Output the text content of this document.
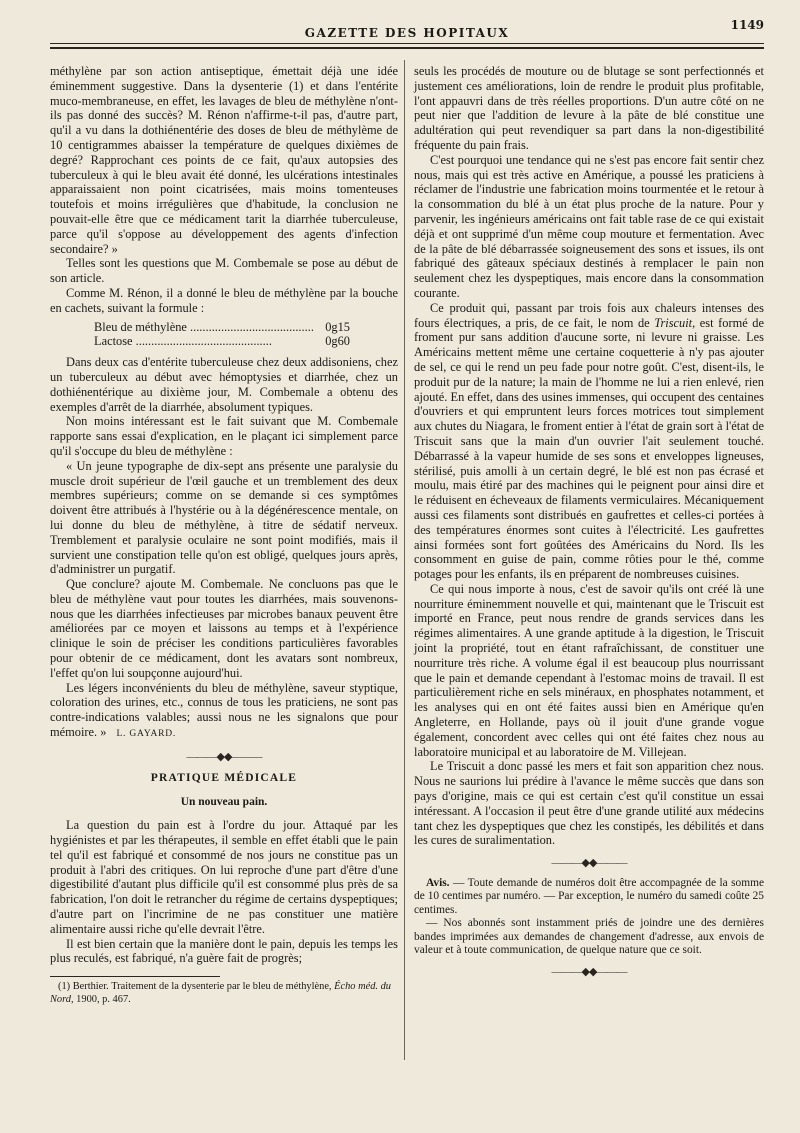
GAZETTE DES HOPITAUX
1149

méthylène par son action antiseptique, émettait déjà une idée éminemment suggestive. Dans la dysenterie (1) et dans l'entérite muco-membraneuse, en effet, les lavages de bleu de méthylène n'ont-ils pas donné des succès? M. Rénon n'affirme-t-il pas, d'autre part, qu'il a vu dans la dothiénentérie des doses de bleu de méthylème de 10 centigrammes abaisser la température de quelques dixièmes de degré? Rapprochant ces points de ce fait, qu'aux autopsies des tuberculeux à qui le bleu avait été donné, les ulcérations intestinales apparaissaient non point cicatrisées, mais moins tomenteuses toutefois et moins irrégulières que d'habitude, la conclusion ne pouvait-elle être que ce médicament tarit la diarrhée tuberculeuse, parce qu'il s'oppose au développement des agents d'infection secondaire? »

Telles sont les questions que M. Combemale se pose au début de son article.

Comme M. Rénon, il a donné le bleu de méthylène par la bouche en cachets, suivant la formule :

Bleu de méthylène .....	0g15
Lactose .....	0g60

Dans deux cas d'entérite tuberculeuse chez deux addisoniens, chez un tuberculeux au début avec hémoptysies et diarrhée, chez un dothiénentérique au dixième jour, M. Combemale a obtenu des exemples d'arrêt de la diarrhée, absolument typiques.

Non moins intéressant est le fait suivant que M. Combemale rapporte sans essai d'explication, en le plaçant ici simplement parce qu'il s'occupe du bleu de méthylène :

« Un jeune typographe de dix-sept ans présente une paralysie du muscle droit supérieur de l'œil gauche et un tremblement des deux membres supérieurs; comme on se demande si ces symptômes doivent être attribués à l'hystérie ou à la dégénérescence mentale, on lui donne du bleu de méthylène, à titre de sédatif nerveux. Tremblement et paralysie oculaire ne sont point modifiés, mais il survient une constipation telle qu'on est obligé, quelques jours après, d'administrer un purgatif.

Que conclure? ajoute M. Combemale. Ne concluons pas que le bleu de méthylène vaut pour toutes les diarrhées, mais souvenons-nous que les diarrhées infectieuses par microbes banaux peuvent être améliorées par ce moyen et laissons au temps et à l'expérience clinique le soin de préciser les conditions particulières favorables pour obtenir de ce médicament, dont les avatars sont nombreux, l'effet qu'on lui soupçonne aujourd'hui.

Les légers inconvénients du bleu de méthylène, saveur styptique, coloration des urines, etc., connus de tous les praticiens, ne sont pas contre-indications valables; aussi nous ne les signalons que pour mémoire. » L. GAYARD.

———◆◆———
PRATIQUE MÉDICALE
Un nouveau pain.

La question du pain est à l'ordre du jour. Attaqué par les hygiénistes et par les thérapeutes, il semble en effet établi que le pain tel qu'il est fabriqué et consommé de nos jours ne constitue pas un produit à l'abri des critiques. On lui reproche d'une part d'être d'une digestibilité d'autant plus difficile qu'il est consommé plus près de sa fabrication, l'on doit le retrancher du régime de certains dyspeptiques; d'autre part on l'incrimine de ne pas constituer une matière alimentaire aussi riche qu'elle devrait l'être.

Il est bien certain que la manière dont le pain, depuis les temps les plus reculés, est fabriqué, n'a guère fait de progrès;

(1) Berthier. Traitement de la dysenterie par le bleu de méthylène, Écho méd. du Nord, 1900, p. 467.

seuls les procédés de mouture ou de blutage se sont perfectionnés et justement ces améliorations, loin de rendre le produit plus profitable, l'ont appauvri dans de très réelles proportions. D'un autre côté on ne peut nier que l'addition de levure à la pâte de blé constitue une adultération qui peut revendiquer sa part dans la non-digestibilité fréquente du pain frais.

C'est pourquoi une tendance qui ne s'est pas encore fait sentir chez nous, mais qui est très active en Amérique, a poussé les praticiens à réclamer de l'industrie une fabrication moins tourmentée et le retour à la consommation du blé à un état plus proche de la nature. Pour y parvenir, les ingénieurs américains ont fait table rase de ce qui existait déjà et ont supprimé d'un même coup mouture et fermentation. Avec de la pâte de blé débarrassée soigneusement des sons et issues, ils ont fabriqué des gâteaux spéciaux destinés à remplacer le pain non seulement chez les dyspeptiques, mais encore dans la consommation courante.

Ce produit qui, passant par trois fois aux chaleurs intenses des fours électriques, a pris, de ce fait, le nom de Triscuit, est formé de froment pur sans addition d'aucune sorte, ni levure ni graisse. Les Américains mettent même une certaine coquetterie à n'y pas ajouter de sel, ce qui le rend un peu fade pour notre goût. C'est, disent-ils, le produit pur de la nature; la main de l'homme ne lui a rien enlevé, rien ajouté. En effet, dans des usines immenses, qui occupent des centaines d'ouvriers et qui empruntent leurs forces motrices tout simplement aux chutes du Niagara, le froment entier à l'état de grain sort à l'état de Triscuit sans que la main d'un ouvrier l'ait seulement touché. Débarrassé à la vapeur humide de ses sons et enveloppes ligneuses, stérilisé, puis amolli à un certain degré, le blé est non pas écrasé et moulu, mais étiré par des machines qui le peignent pour ainsi dire et le réduisent en écheveaux de filaments vermiculaires. Mécaniquement aussi ces filaments sont distribués en gaufrettes et celles-ci portées à des températures énormes sont cuites à l'électricité. Les gaufrettes ainsi formées sont fort goûtées des Américains du Nord. Ils les consomment en guise de pain, comme rôties pour le thé, comme potages pour les enfants, ils en préparent de nombreuses cuisines.

Ce qui nous importe à nous, c'est de savoir qu'ils ont créé là une nourriture éminemment nouvelle et qui, maintenant que le Triscuit est importé en France, peut nous rendre de grands services dans les régimes alimentaires. A une grande aptitude à la digestion, le Triscuit joint la propriété, tout en étant rafraîchissant, de constituer une nourriture très riche. A volume égal il est beaucoup plus nourrissant que le pain et demande cependant à l'estomac moins de travail. Il est particulièrement riche en sels minéraux, en phosphates notamment, et les analyses qui en ont été faites aussi bien en Amérique qu'en Angleterre, en Hollande, pays où il jouit d'une grande vogue également, concordent avec celles qui ont été faites chez nous au laboratoire municipal et au laboratoire de M. Villejean.

Le Triscuit a donc passé les mers et fait son apparition chez nous. Nous ne saurions lui prédire à l'avance le même succès que dans son pays d'origine, mais ce qui est certain c'est qu'il constitue un essai intéressant. A l'occasion il peut être d'une grande utilité aux médecins tant chez les dyspeptiques que chez les constipés, les débilités et dans les cures de suralimentation.

———◆◆———

Avis. — Toute demande de numéros doit être accompagnée de la somme de 10 centimes par numéro. — Par exception, le numéro du samedi coûte 25 centimes.

— Nos abonnés sont instamment priés de joindre une des dernières bandes imprimées aux demandes de changement d'adresse, aux envois de valeur et à toute communication, de quelque nature que ce soit.

———◆◆———
